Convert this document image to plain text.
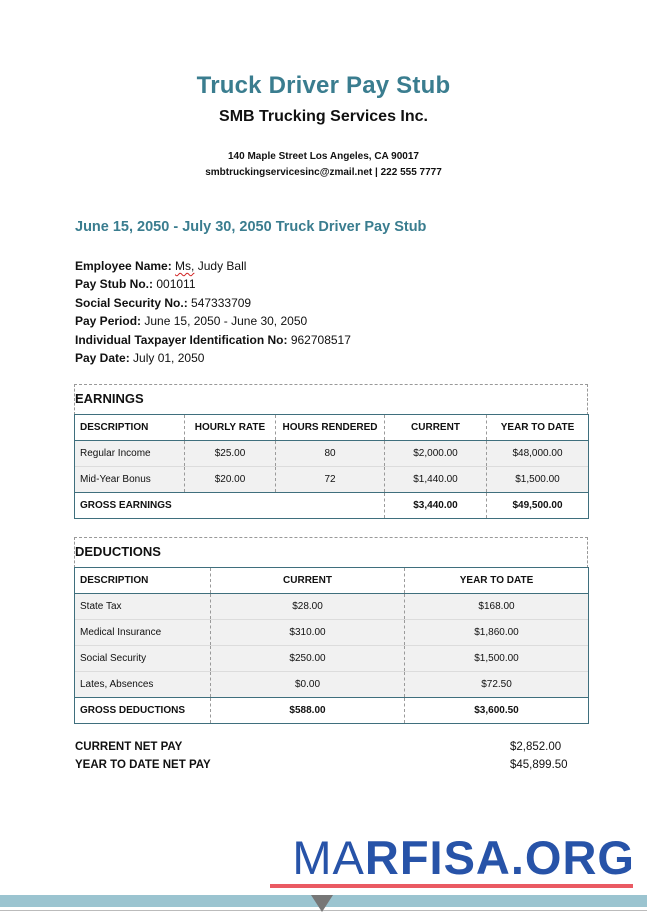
Truck Driver Pay Stub
SMB Trucking Services Inc.
140 Maple Street Los Angeles, CA 90017
smbtruckingservicesinc@zmail.net | 222 555 7777
June 15, 2050 - July 30, 2050 Truck Driver Pay Stub
Employee Name: Ms, Judy Ball
Pay Stub No.: 001011
Social Security No.: 547333709
Pay Period: June 15, 2050 - June 30, 2050
Individual Taxpayer Identification No: 962708517
Pay Date: July 01, 2050
EARNINGS
DESCRIPTION	HOURLY RATE	HOURS RENDERED	CURRENT	YEAR TO DATE
Regular Income	$25.00	80	$2,000.00	$48,000.00
Mid-Year Bonus	$20.00	72	$1,440.00	$1,500.00
GROSS EARNINGS			$3,440.00	$49,500.00
DEDUCTIONS
DESCRIPTION	CURRENT	YEAR TO DATE
State Tax	$28.00	$168.00
Medical Insurance	$310.00	$1,860.00
Social Security	$250.00	$1,500.00
Lates, Absences	$0.00	$72.50
GROSS DEDUCTIONS	$588.00	$3,600.50
CURRENT NET PAY	$2,852.00
YEAR TO DATE NET PAY	$45,899.50
MARFISA.ORG
